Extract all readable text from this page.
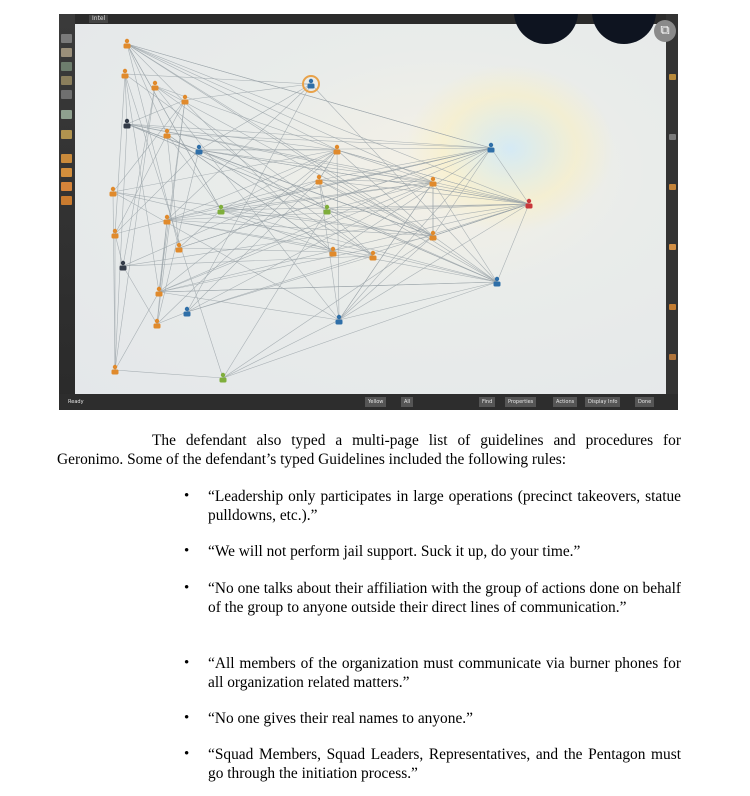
Intel
⧉
Ready	Yellow	All	Find	Properties	Actions	Display Info	Done

The defendant also typed a multi-page list of guidelines and procedures for Geronimo. Some of the defendant’s typed Guidelines included the following rules:

• “Leadership only participates in large operations (precinct takeovers, statue pulldowns, etc.).”
• “We will not perform jail support. Suck it up, do your time.”
• “No one talks about their affiliation with the group of actions done on behalf of the group to anyone outside their direct lines of communication.”
• “All members of the organization must communicate via burner phones for all organization related matters.”
• “No one gives their real names to anyone.”
• “Squad Members, Squad Leaders, Representatives, and the Pentagon must go through the initiation process.”
